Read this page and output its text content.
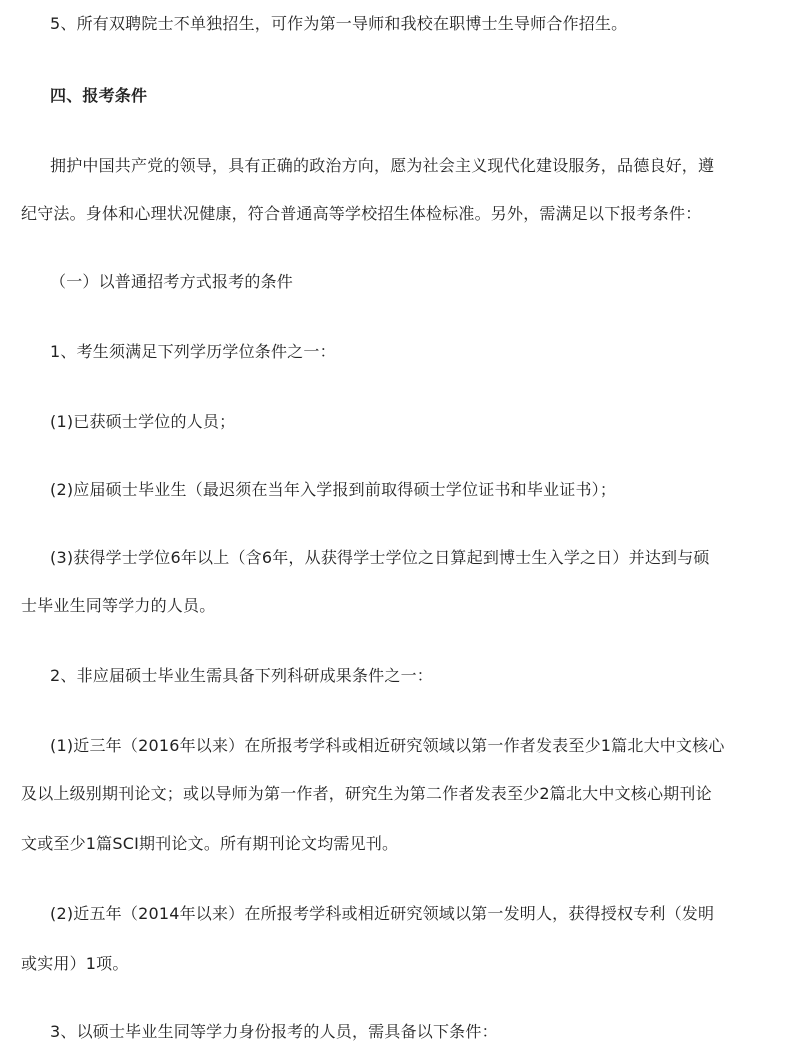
5、所有双聘院士不单独招生，可作为第一导师和我校在职博士生导师合作招生。
四、报考条件
拥护中国共产党的领导，具有正确的政治方向，愿为社会主义现代化建设服务，品德良好，遵
纪守法。身体和心理状况健康，符合普通高等学校招生体检标准。另外，需满足以下报考条件：
（一）以普通招考方式报考的条件
1、考生须满足下列学历学位条件之一：
(1)已获硕士学位的人员；
(2)应届硕士毕业生（最迟须在当年入学报到前取得硕士学位证书和毕业证书）；
(3)获得学士学位6年以上（含6年，从获得学士学位之日算起到博士生入学之日）并达到与硕
士毕业生同等学力的人员。
2、非应届硕士毕业生需具备下列科研成果条件之一：
(1)近三年（2016年以来）在所报考学科或相近研究领域以第一作者发表至少1篇北大中文核心
及以上级别期刊论文；或以导师为第一作者，研究生为第二作者发表至少2篇北大中文核心期刊论
文或至少1篇SCI期刊论文。所有期刊论文均需见刊。
(2)近五年（2014年以来）在所报考学科或相近研究领域以第一发明人，获得授权专利（发明
或实用）1项。
3、以硕士毕业生同等学力身份报考的人员，需具备以下条件：
